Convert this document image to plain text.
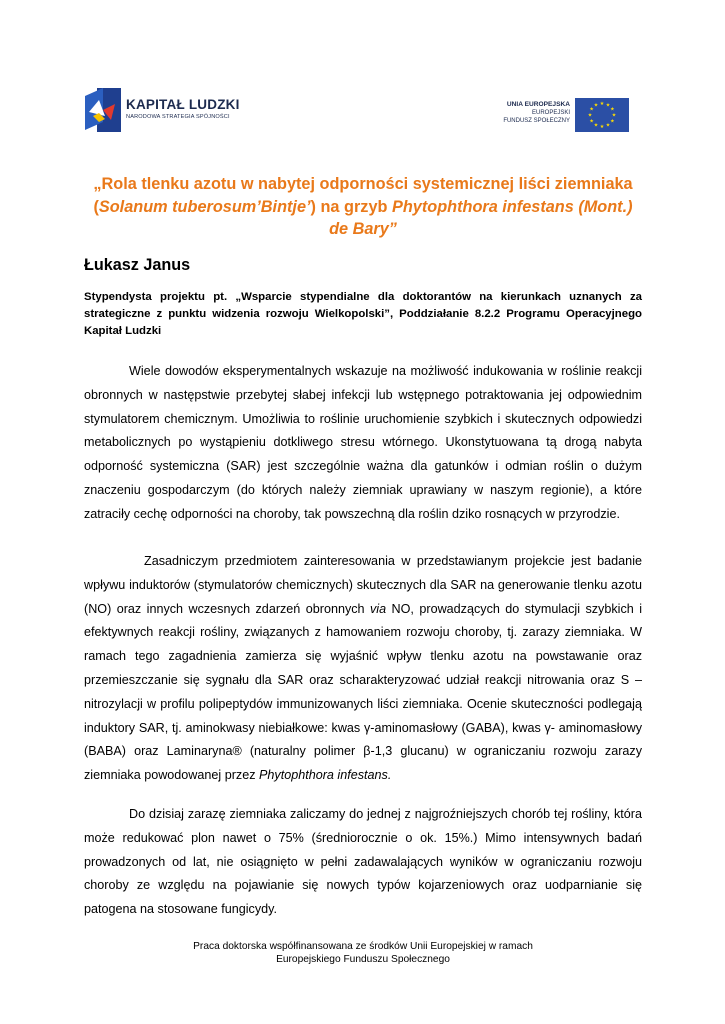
KAPITAŁ LUDZKI
NARODOWA STRATEGIA SPÓJNOŚCI
UNIA EUROPEJSKA
EUROPEJSKI
FUNDUSZ SPOŁECZNY
★ ★
★
★
★
★
★
★
★
★
★
★
„Rola tlenku azotu w nabytej odporności systemicznej liści ziemniaka (Solanum tuberosum’Bintje’) na grzyb Phytophthora infestans (Mont.) de Bary”
Łukasz Janus
Stypendysta projektu pt. „Wsparcie stypendialne dla doktorantów na kierunkach uznanych za strategiczne z punktu widzenia rozwoju Wielkopolski”, Poddziałanie 8.2.2 Programu Operacyjnego Kapitał Ludzki
Wiele dowodów eksperymentalnych wskazuje na możliwość indukowania w roślinie reakcji obronnych w następstwie przebytej słabej infekcji lub wstępnego potraktowania jej odpowiednim stymulatorem chemicznym. Umożliwia to roślinie uruchomienie szybkich i skutecznych odpowiedzi metabolicznych po wystąpieniu dotkliwego stresu wtórnego. Ukonstytuowana tą drogą nabyta odporność systemiczna (SAR) jest szczególnie ważna dla gatunków i odmian roślin o dużym znaczeniu gospodarczym (do których należy ziemniak uprawiany w naszym regionie), a które zatraciły cechę odporności na choroby, tak powszechną dla roślin dziko rosnących w przyrodzie.
Zasadniczym przedmiotem zainteresowania w przedstawianym projekcie jest badanie wpływu induktorów (stymulatorów chemicznych) skutecznych dla SAR na generowanie tlenku azotu (NO) oraz innych wczesnych zdarzeń obronnych via NO, prowadzących do stymulacji szybkich i efektywnych reakcji rośliny, związanych z hamowaniem rozwoju choroby, tj. zarazy ziemniaka. W ramach tego zagadnienia zamierza się wyjaśnić wpływ tlenku azotu na powstawanie oraz przemieszczanie się sygnału dla SAR oraz scharakteryzować udział reakcji nitrowania oraz S –nitrozylacji w profilu polipeptydów immunizowanych liści ziemniaka. Ocenie skuteczności podlegają induktory SAR, tj. aminokwasy niebiałkowe: kwas γ-aminomasłowy (GABA), kwas γ- aminomasłowy (BABA) oraz Laminaryna® (naturalny polimer β-1,3 glucanu) w ograniczaniu rozwoju zarazy ziemniaka powodowanej przez Phytophthora infestans.
Do dzisiaj zarazę ziemniaka zaliczamy do jednej z najgroźniejszych chorób tej rośliny, która może redukować plon nawet o 75% (średniorocznie o ok. 15%.) Mimo intensywnych badań prowadzonych od lat, nie osiągnięto w pełni zadawalających wyników w ograniczaniu rozwoju choroby ze względu na pojawianie się nowych typów kojarzeniowych oraz uodparnianie się patogena na stosowane fungicydy.
Praca doktorska współfinansowana ze środków Unii Europejskiej w ramach
Europejskiego Funduszu Społecznego
